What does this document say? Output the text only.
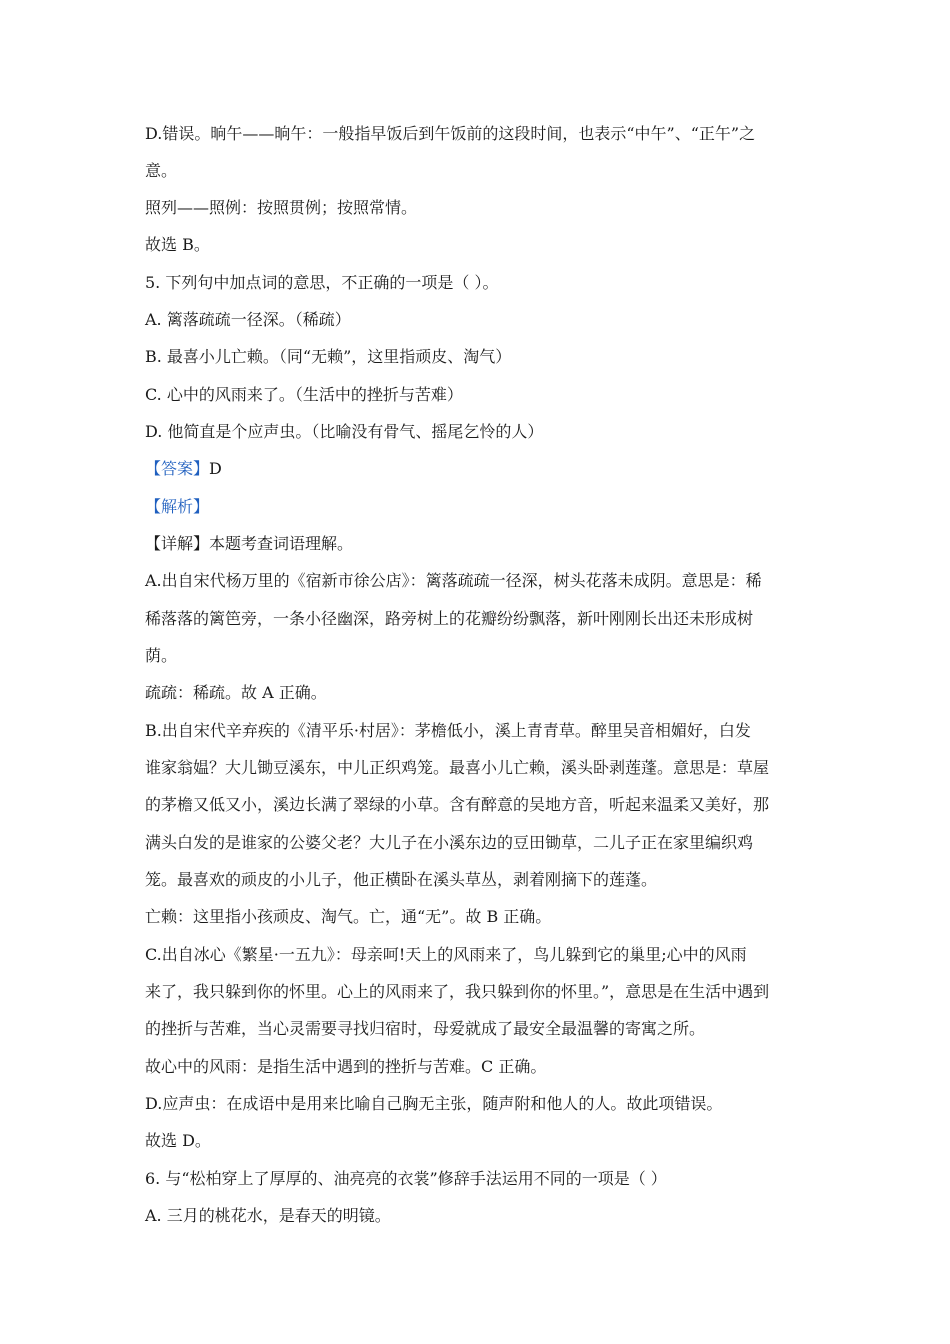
D.错误。晌午——晌午：一般指早饭后到午饭前的这段时间，也表示“中午”、“正午”之
意。
照列——照例：按照贯例；按照常情。
故选 B。
5. 下列句中加点词的意思，不正确的一项是（ ）。
A. 篱落疏疏一径深。（稀疏）
B. 最喜小儿亡赖。（同“无赖”，这里指顽皮、淘气）
C. 心中的风雨来了。（生活中的挫折与苦难）
D. 他简直是个应声虫。（比喻没有骨气、摇尾乞怜的人）
【答案】D
【解析】
【详解】本题考查词语理解。
A.出自宋代杨万里的《宿新市徐公店》：篱落疏疏一径深，树头花落未成阴。意思是：稀
稀落落的篱笆旁，一条小径幽深，路旁树上的花瓣纷纷飘落，新叶刚刚长出还未形成树
荫。
疏疏：稀疏。故 A 正确。
B.出自宋代辛弃疾的《清平乐·村居》：茅檐低小，溪上青青草。醉里吴音相媚好，白发
谁家翁媪？大儿锄豆溪东，中儿正织鸡笼。最喜小儿亡赖，溪头卧剥莲蓬。意思是：草屋
的茅檐又低又小，溪边长满了翠绿的小草。含有醉意的吴地方音，听起来温柔又美好，那
满头白发的是谁家的公婆父老？大儿子在小溪东边的豆田锄草，二儿子正在家里编织鸡
笼。最喜欢的顽皮的小儿子，他正横卧在溪头草丛，剥着刚摘下的莲蓬。
亡赖：这里指小孩顽皮、淘气。亡，通“无”。故 B 正确。
C.出自冰心《繁星·一五九》：母亲呵!天上的风雨来了，鸟儿躲到它的巢里;心中的风雨
来了，我只躲到你的怀里。心上的风雨来了，我只躲到你的怀里。”，意思是在生活中遇到
的挫折与苦难，当心灵需要寻找归宿时，母爱就成了最安全最温馨的寄寓之所。
故心中的风雨：是指生活中遇到的挫折与苦难。C 正确。
D.应声虫：在成语中是用来比喻自己胸无主张，随声附和他人的人。故此项错误。
故选 D。
6. 与“松柏穿上了厚厚的、油亮亮的衣裳”修辞手法运用不同的一项是（ ）
A. 三月的桃花水，是春天的明镜。
